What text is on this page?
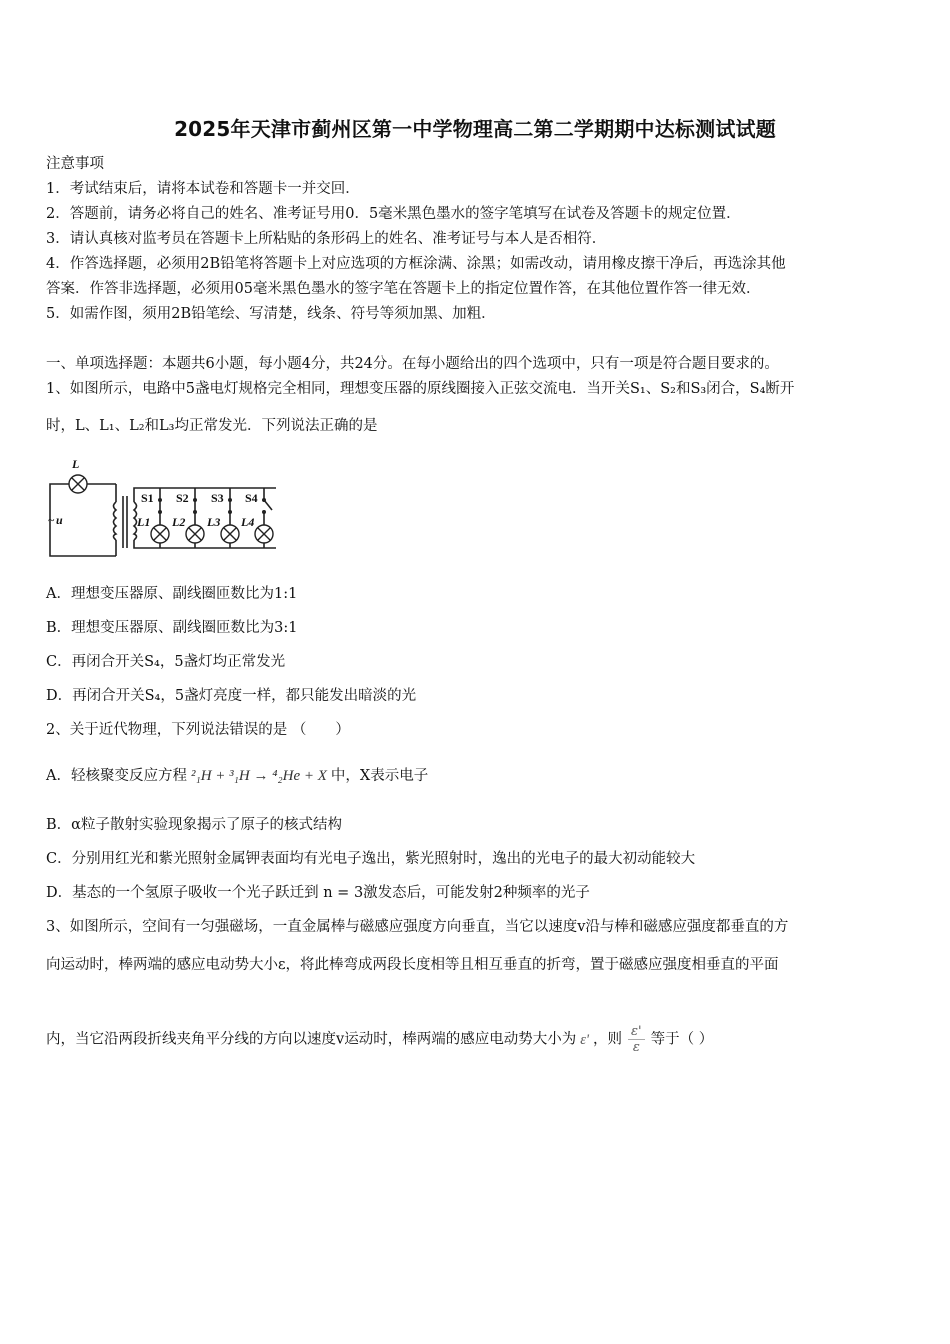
2025年天津市蓟州区第一中学物理高二第二学期期中达标测试试题
注意事项
1．考试结束后，请将本试卷和答题卡一并交回．
2．答题前，请务必将自己的姓名、准考证号用0．5毫米黑色墨水的签字笔填写在试卷及答题卡的规定位置．
3．请认真核对监考员在答题卡上所粘贴的条形码上的姓名、准考证号与本人是否相符．
4．作答选择题，必须用2B铅笔将答题卡上对应选项的方框涂满、涂黑；如需改动，请用橡皮擦干净后，再选涂其他
答案．作答非选择题，必须用05毫米黑色墨水的签字笔在答题卡上的指定位置作答，在其他位置作答一律无效．
5．如需作图，须用2B铅笔绘、写清楚，线条、符号等须加黑、加粗．
一、单项选择题：本题共6小题，每小题4分，共24分。在每小题给出的四个选项中，只有一项是符合题目要求的。
1、如图所示，电路中5盏电灯规格完全相同，理想变压器的原线圈接入正弦交流电．当开关S₁、S₂和S₃闭合，S₄断开
时，L、L₁、L₂和L₃均正常发光．下列说法正确的是
L
u
S1 S2 S3 S4
L1 L2 L3 L4
~
A．理想变压器原、副线圈匝数比为1:1
B．理想变压器原、副线圈匝数比为3:1
C．再闭合开关S₄，5盏灯均正常发光
D．再闭合开关S₄，5盏灯亮度一样，都只能发出暗淡的光
2、关于近代物理，下列说法错误的是 （　　）
A．轻核聚变反应方程 ²₁H + ³₁H → ⁴₂He + X 中，X表示电子
B．α粒子散射实验现象揭示了原子的核式结构
C．分别用红光和紫光照射金属钾表面均有光电子逸出，紫光照射时，逸出的光电子的最大初动能较大
D．基态的一个氢原子吸收一个光子跃迁到 n = 3激发态后，可能发射2种频率的光子
3、如图所示，空间有一匀强磁场，一直金属棒与磁感应强度方向垂直，当它以速度v沿与棒和磁感应强度都垂直的方
向运动时，棒两端的感应电动势大小ε，将此棒弯成两段长度相等且相互垂直的折弯，置于磁感应强度相垂直的平面
内，当它沿两段折线夹角平分线的方向以速度v运动时，棒两端的感应电动势大小为 ε' ，则 $\frac{\varepsilon'}{\varepsilon}$ 等于（ ）
